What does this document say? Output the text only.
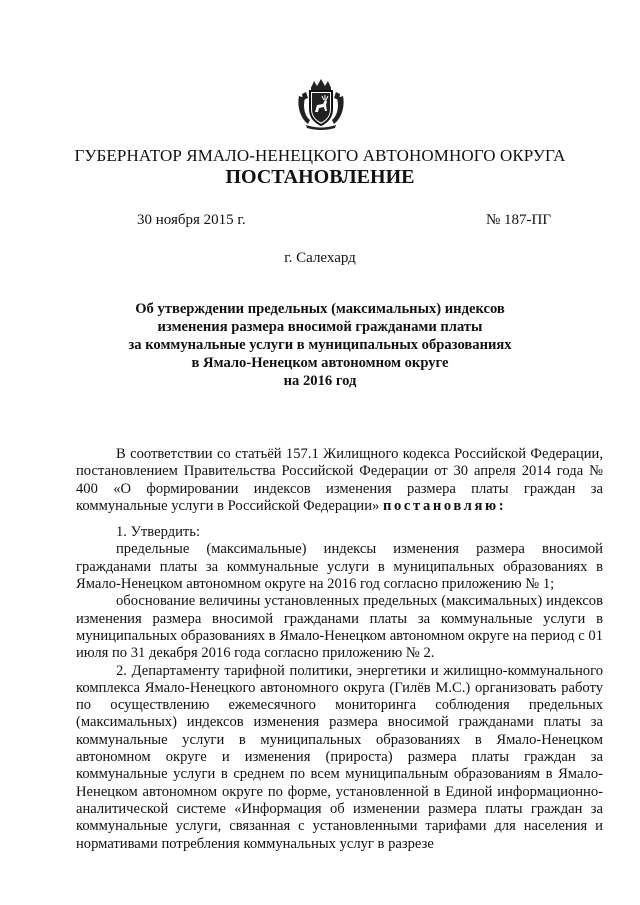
ГУБЕРНАТОР ЯМАЛО-НЕНЕЦКОГО АВТОНОМНОГО ОКРУГА
ПОСТАНОВЛЕНИЕ
30 ноября 2015 г.	№ 187-ПГ
г. Салехард
Об утверждении предельных (максимальных) индексов
изменения размера вносимой гражданами платы
за коммунальные услуги в муниципальных образованиях
в Ямало-Ненецком автономном округе
на 2016 год

В соответствии со статьёй 157.1 Жилищного кодекса Российской Федерации, постановлением Правительства Российской Федерации от 30 апреля 2014 года № 400 «О формировании индексов изменения размера платы граждан за коммунальные услуги в Российской Федерации» постановляю:

1. Утвердить:

предельные (максимальные) индексы изменения размера вносимой гражданами платы за коммунальные услуги в муниципальных образованиях в Ямало-Ненецком автономном округе на 2016 год согласно приложению № 1;

обоснование величины установленных предельных (максимальных) индексов изменения размера вносимой гражданами платы за коммунальные услуги в муниципальных образованиях в Ямало-Ненецком автономном округе на период с 01 июля по 31 декабря 2016 года согласно приложению № 2.

2. Департаменту тарифной политики, энергетики и жилищно-коммунального комплекса Ямало-Ненецкого автономного округа (Гилёв М.С.) организовать работу по осуществлению ежемесячного мониторинга соблюдения предельных (максимальных) индексов изменения размера вносимой гражданами платы за коммунальные услуги в муниципальных образованиях в Ямало-Ненецком автономном округе и изменения (прироста) размера платы граждан за коммунальные услуги в среднем по всем муниципальным образованиям в Ямало-Ненецком автономном округе по форме, установленной в Единой информационно-аналитической системе «Информация об изменении размера платы граждан за коммунальные услуги, связанная с установленными тарифами для населения и нормативами потребления коммунальных услуг в разрезе
